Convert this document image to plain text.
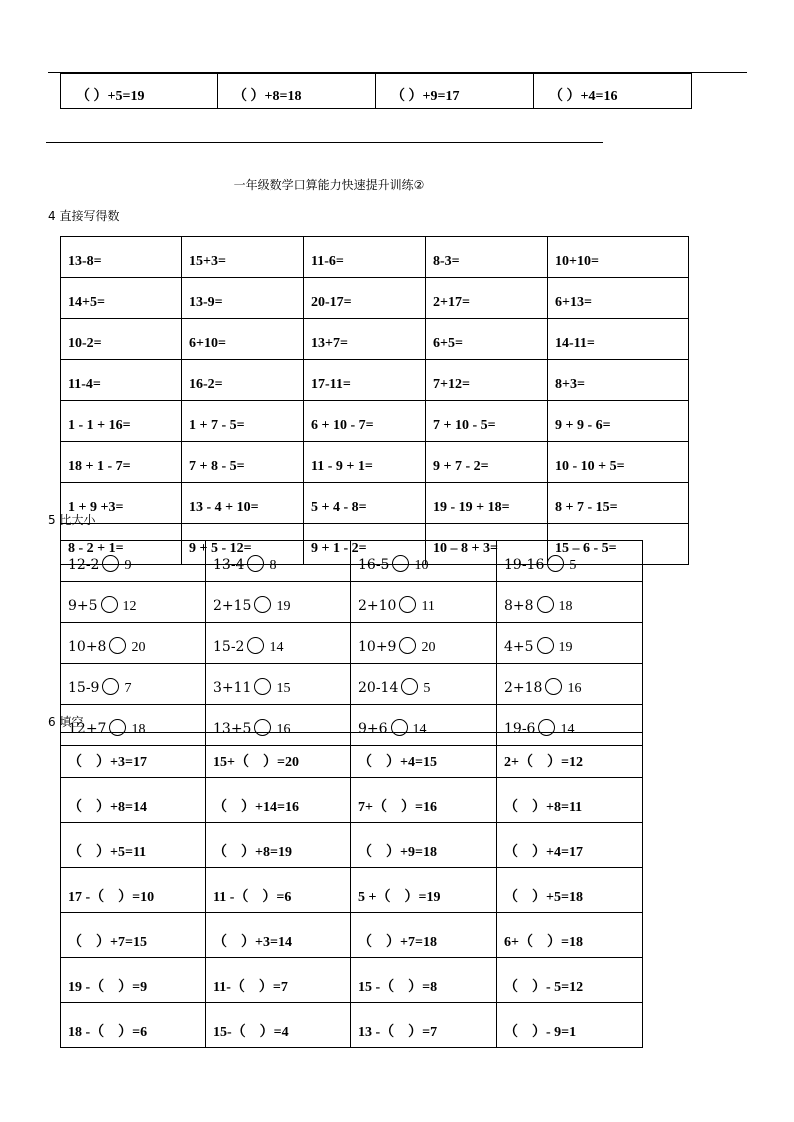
（ ）+5=19	（ ）+8=18	（ ）+9=17	（ ）+4=16
一年级数学口算能力快速提升训练②
4 直接写得数
13-8=	15+3=	11-6=	8-3=	10+10=
14+5=	13-9=	20-17=	2+17=	6+13=
10-2=	6+10=	13+7=	6+5=	14-11=
11-4=	16-2=	17-11=	7+12=	8+3=
1 - 1 + 16=	1 + 7 - 5=	6 + 10 - 7=	7 + 10 - 5=	9 + 9 - 6=
18 + 1 - 7=	7 + 8 - 5=	11 - 9 + 1=	9 + 7 - 2=	10 - 10 + 5=
1 + 9 +3=	13 - 4 + 10=	5 + 4 - 8=	19 - 19 + 18=	8 + 7 - 15=
8 - 2 + 1=	9 + 5 - 12=	9 + 1 - 2=	10 – 8 + 3=	15 – 6 - 5=
5 比大小
12-2 9	13-4 8	16-5 10	19-16 5
9+5 12	2+15 19	2+10 11	8+8 18
10+8 20	15-2 14	10+9 20	4+5 19
15-9 7	3+11 15	20-14 5	2+18 16
12+7 18	13+5 16	9+6 14	19-6 14
6 填空
（　）+3=17	15+（　）=20	（　）+4=15	2+（　）=12
（　）+8=14	（　）+14=16	7+（　）=16	（　）+8=11
（　）+5=11	（　）+8=19	（　）+9=18	（　）+4=17
17 -（　）=10	11 -（　）=6	5 +（　）=19	（　）+5=18
（　）+7=15	（　）+3=14	（　）+7=18	6+（　）=18
19 -（　）=9	11-（　）=7	15 -（　）=8	（　）- 5=12
18 -（　）=6	15-（　）=4	13 -（　）=7	（　）- 9=1
